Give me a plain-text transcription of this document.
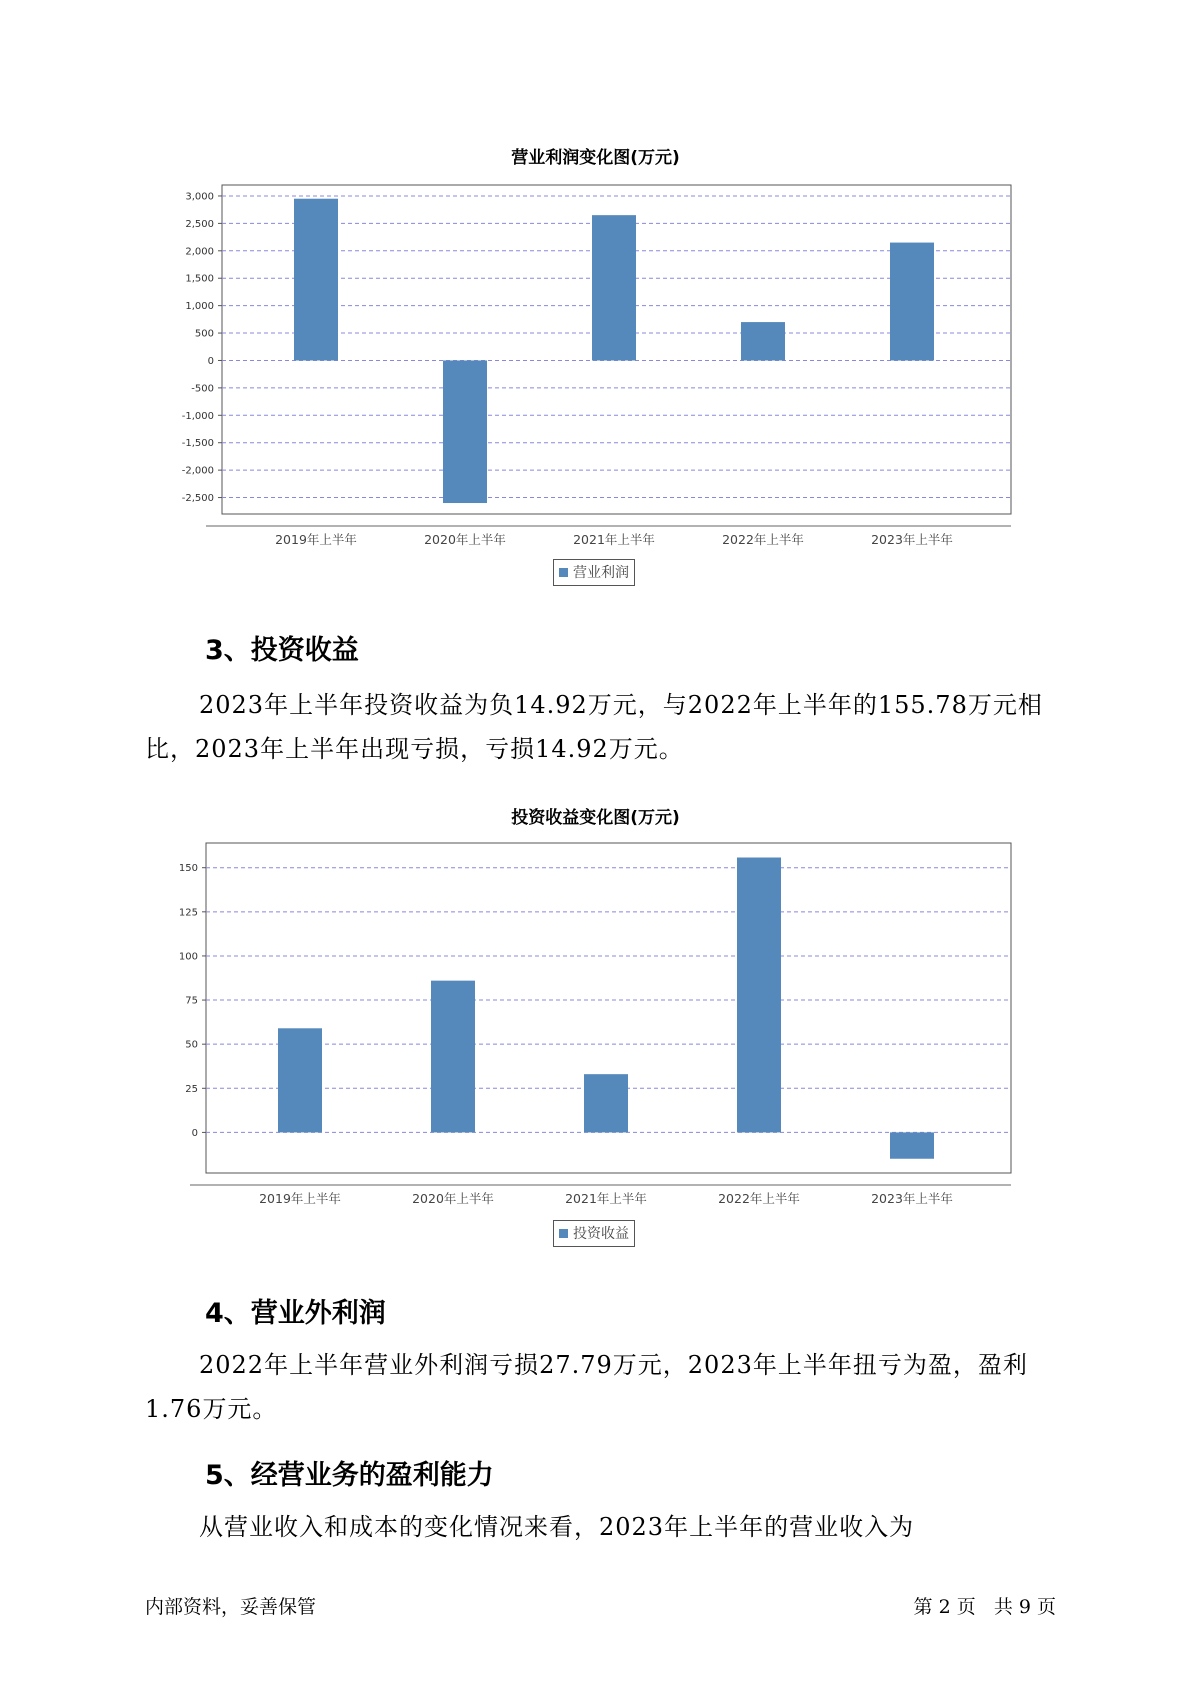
营业利润变化图(万元)
3,000
2,500
2,000
1,500
1,000
500
0
-500
-1,000
-1,500
-2,000
-2,500
2019年上半年	2020年上半年	2021年上半年	2022年上半年	2023年上半年
营业利润
3、投资收益

2023年上半年投资收益为负14.92万元，与2022年上半年的155.78万元相比，2023年上半年出现亏损，亏损14.92万元。

投资收益变化图(万元)
150
125
100
75
50
25
0
2019年上半年	2020年上半年	2021年上半年	2022年上半年	2023年上半年
投资收益
4、营业外利润

2022年上半年营业外利润亏损27.79万元，2023年上半年扭亏为盈，盈利1.76万元。

5、经营业务的盈利能力

从营业收入和成本的变化情况来看，2023年上半年的营业收入为

内部资料，妥善保管	第 2 页   共 9 页
